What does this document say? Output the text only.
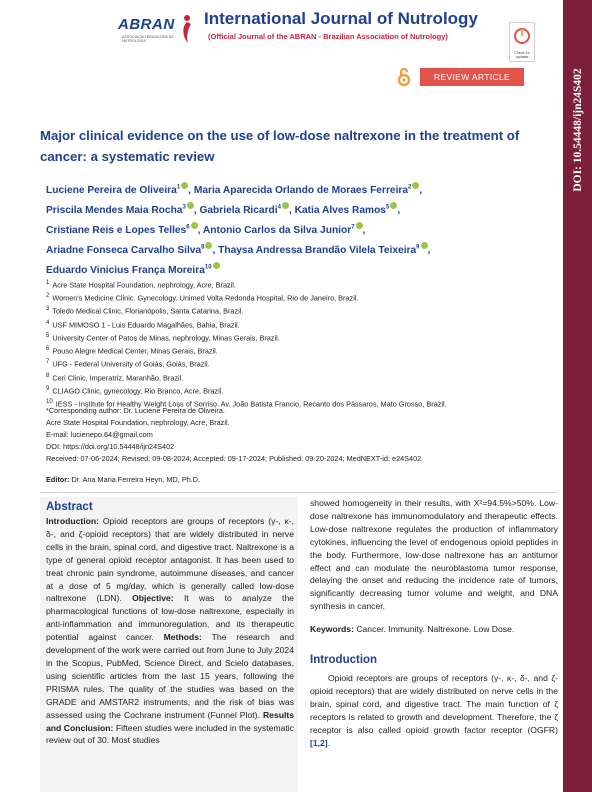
ABRAN
ASSOCIAÇÃO BRASILEIRA DE NUTROLOGIA
International Journal of Nutrology
(Official Journal of the ABRAN - Brazilian Association of Nutrology)
Check for updates
DOI: 10.54448/ijn24S402
REVIEW ARTICLE
Major clinical evidence on the use of low-dose naltrexone in the treatment of cancer: a systematic review
Luciene Pereira de Oliveira$^1$ , Maria Aparecida Orlando de Moraes Ferreira$^2$ ,
Priscila Mendes Maia Rocha$^3$ , Gabriela Ricardi$^4$ , Katia Alves Ramos$^5$ ,
Cristiane Reis e Lopes Telles$^6$ , Antonio Carlos da Silva Junior$^7$ ,
Ariadne Fonseca Carvalho Silva$^8$ , Thaysa Andressa Brandão Vilela Teixeira$^9$ ,
Eduardo Vinicius França Moreira$^{10}$
$^1$ Acre State Hospital Foundation, nephrology, Acre, Brazil.
$^2$ Women's Medicine Clinic. Gynecology. Unimed Volta Redonda Hospital, Rio de Janeiro, Brazil.
$^3$ Toledo Medical Clinic, Florianópolis, Santa Catarina, Brazil.
$^4$ USF MIMOSO 1 - Luis Eduardo Magalhães, Bahia, Brazil.
$^5$ University Center of Patos de Minas, nephrology, Minas Gerais, Brazil.
$^6$ Pouso Alegre Medical Center, Minas Gerais, Brazil.
$^7$ UFG - Federal University of Goiás, Goiás, Brazil.
$^8$ Ceri Clinic, Imperatriz, Maranhão, Brazil.
$^9$ CLIAGO Clinic, gynecology, Rio Branco, Acre, Brazil.
$^{10}$ IESS - Institute for Healthy Weight Loss of Sorriso. Av. João Batista Francio, Recanto dos Pássaros, Mato Grosso, Brazil.
*Corresponding author: Dr. Luciene Pereira de Oliveira.
Acre State Hospital Foundation, nephrology, Acre, Brazil.
E-mail: lucienepo.64@gmail.com
DOI: https://doi.org/10.54448/ijn24S402
Received: 07-06-2024; Revised: 09-08-2024; Accepted: 09-17-2024; Published: 09-20-2024; MedNEXT-id: e24S402
Editor: Dr. Ana Maria Ferreira Heyn, MD, Ph.D.
Abstract
Introduction: Opioid receptors are groups of receptors (γ-, κ-, δ-, and ζ-opioid receptors) that are widely distributed in nerve cells in the brain, spinal cord, and digestive tract. Naltrexone is a type of general opioid receptor antagonist. It has been used to treat chronic pain syndrome, autoimmune diseases, and cancer at a dose of 5 mg/day, which is generally called low-dose naltrexone (LDN). Objective: It was to analyze the pharmacological functions of low-dose naltrexone, especially in anti-inflammation and immunoregulation, and its therapeutic potential against cancer. Methods: The research and development of the work were carried out from June to July 2024 in the Scopus, PubMed, Science Direct, and Scielo databases, using scientific articles from the last 15 years, following the PRISMA rules. The quality of the studies was based on the GRADE and AMSTAR2 instruments, and the risk of bias was assessed using the Cochrane instrument (Funnel Plot). Results and Conclusion: Fifteen studies were included in the systematic review out of 30. Most studies
showed homogeneity in their results, with X²=94.5%>50%. Low-dose naltrexone has immunomodulatory and therapeutic effects. Low-dose naltrexone regulates the production of inflammatory cytokines, influencing the level of endogenous opioid peptides in the body. Furthermore, low-dose naltrexone has an antitumor effect and can modulate the neuroblastoma tumor response, delaying the onset and reducing the incidence rate of tumors, significantly decreasing tumor volume and weight, and DNA synthesis in cancer.
Keywords: Cancer. Immunity. Naltrexone. Low Dose.
Introduction
Opioid receptors are groups of receptors (γ-, κ-, δ-, and ζ-opioid receptors) that are widely distributed on nerve cells in the brain, spinal cord, and digestive tract. The main function of ζ receptors is related to growth and development. Therefore, the ζ receptor is also called opioid growth factor receptor (OGFR) [1,2].
